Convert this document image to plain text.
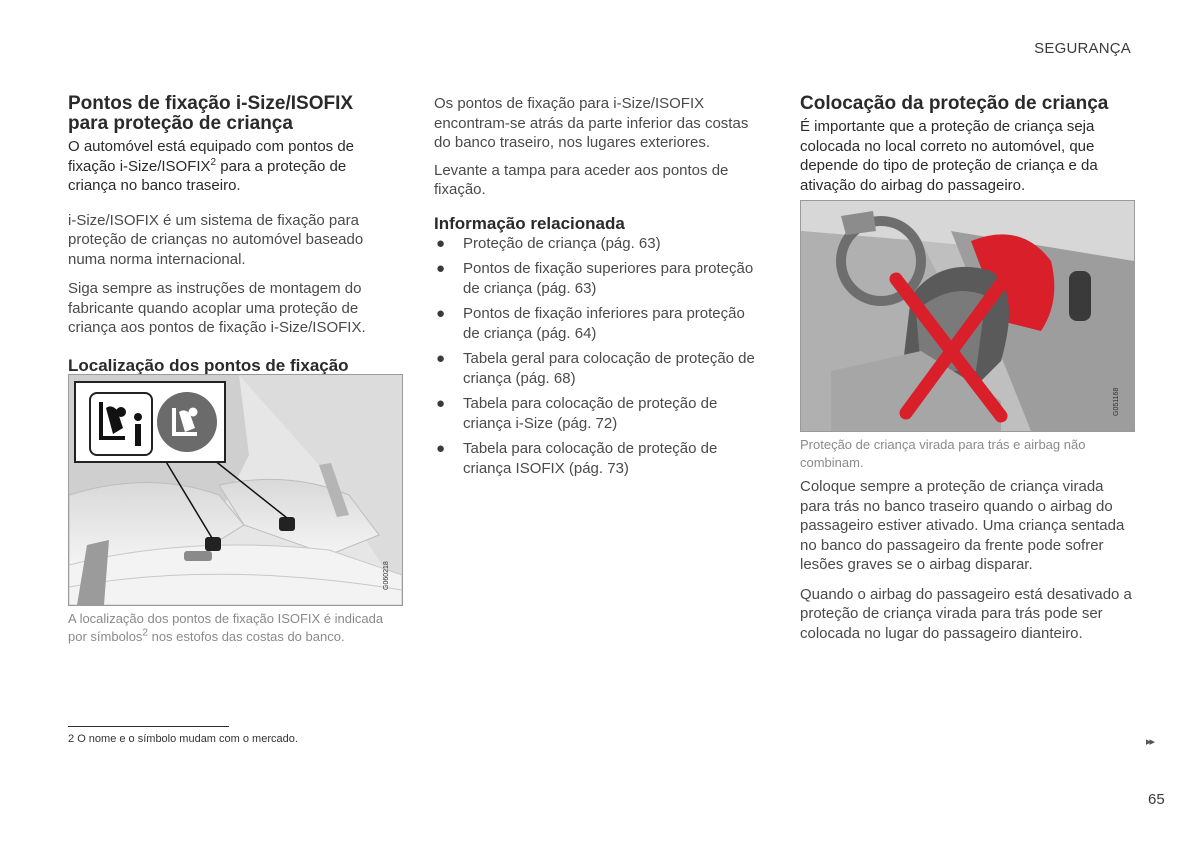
SEGURANÇA
Pontos de fixação i-Size/ISOFIX
para proteção de criança

O automóvel está equipado com pontos de fixação i-Size/ISOFIX$^2$ para a proteção de criança no banco traseiro.

i-Size/ISOFIX é um sistema de fixação para proteção de crianças no automóvel baseado numa norma internacional.

Siga sempre as instruções de montagem do fabricante quando acoplar uma proteção de criança aos pontos de fixação i-Size/ISOFIX.

Localização dos pontos de fixação
G060218
A localização dos pontos de fixação ISOFIX é indicada por símbolos$^2$ nos estofos das costas do banco.

Os pontos de fixação para i-Size/ISOFIX encontram-se atrás da parte inferior das costas do banco traseiro, nos lugares exteriores.

Levante a tampa para aceder aos pontos de fixação.

Informação relacionada
● Proteção de criança (pág. 63)
● Pontos de fixação superiores para proteção de criança (pág. 63)
● Pontos de fixação inferiores para proteção de criança (pág. 64)
● Tabela geral para colocação de proteção de criança (pág. 68)
● Tabela para colocação de proteção de criança i-Size (pág. 72)
● Tabela para colocação de proteção de criança ISOFIX (pág. 73)
Colocação da proteção de criança

É importante que a proteção de criança seja colocada no local correto no automóvel, que depende do tipo de proteção de criança e da ativação do airbag do passageiro.

G051168
Proteção de criança virada para trás e airbag não combinam.

Coloque sempre a proteção de criança virada para trás no banco traseiro quando o airbag do passageiro estiver ativado. Uma criança sentada no banco do passageiro da frente pode sofrer lesões graves se o airbag disparar.

Quando o airbag do passageiro está desativado a proteção de criança virada para trás pode ser colocada no lugar do passageiro dianteiro.

2 O nome e o símbolo mudam com o mercado.	▸▸
65
